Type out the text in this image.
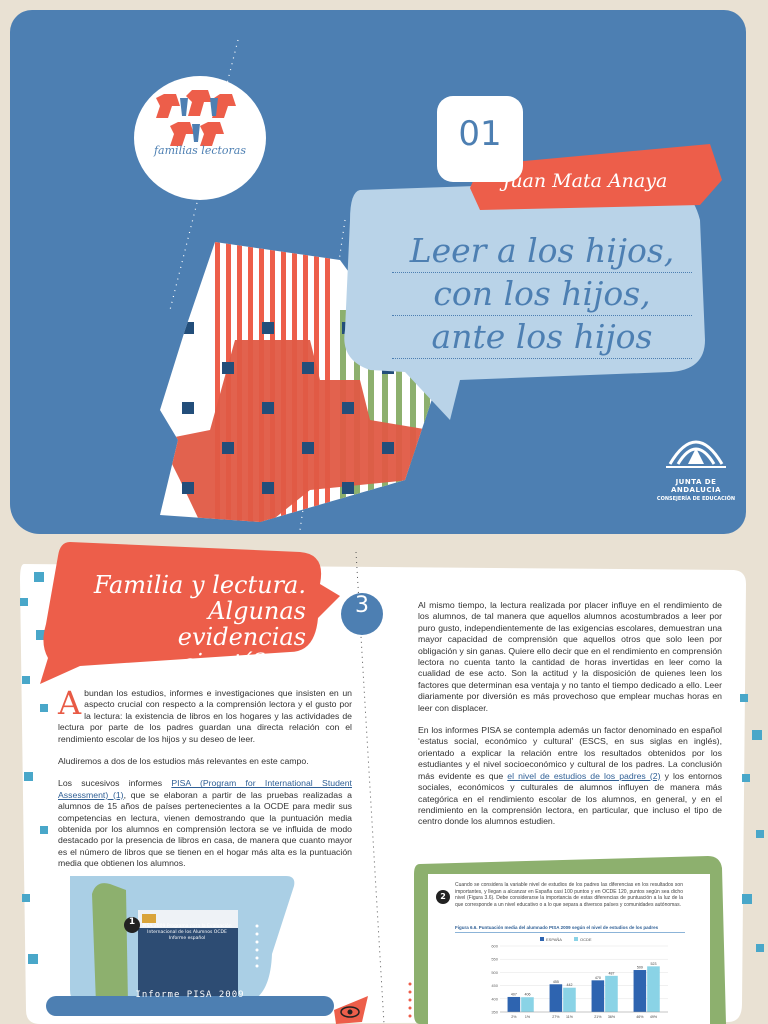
familias lectoras	01
Juan Mata Anaya
Leer a los hijos,
con los hijos,
ante los hijos
JUNTA DE ANDALUCIA
CONSEJERÍA DE EDUCACIÓN
Familia y lectura. Algunas evidencias científicas
3

Abundan los estudios, informes e investigaciones que insisten en un aspecto crucial con respecto a la comprensión lectora y el gusto por la lectura: la existencia de libros en los hogares y las actividades de lectura por parte de los padres guardan una directa relación con el rendimiento escolar de los hijos y su deseo de leer.

Aludiremos a dos de los estudios más relevantes en este campo.

Los sucesivos informes PISA (Program for International Student Assessment) (1), que se elaboran a partir de las pruebas realizadas a alumnos de 15 años de países pertenecientes a la OCDE para medir sus competencias en lectura, vienen demostrando que la puntuación media obtenida por los alumnos en comprensión lectora se ve influida de modo destacado por la presencia de libros en casa, de manera que cuanto mayor es el número de libros que se tienen en el hogar más alta es la puntuación media que obtienen los alumnos.

Al mismo tiempo, la lectura realizada por placer influye en el rendimiento de los alumnos, de tal manera que aquellos alumnos acostumbrados a leer por puro gusto, independientemente de las exigencias escolares, demuestran una mayor capacidad de comprensión que aquellos otros que solo leen por obligación y sin ganas. Quiere ello decir que en el rendimiento en comprensión lectora no cuenta tanto la cantidad de horas invertidas en leer como la cualidad de ese acto. Son la actitud y la disposición de quienes leen los factores que determinan esa ventaja y no tanto el tiempo dedicado a ello. Leer diariamente por diversión es más provechoso que emplear muchas horas en leer con displacer.

En los informes PISA se contempla además un factor denominado en español ‘estatus social, económico y cultural’ (ESCS, en sus siglas en inglés), orientado a explicar la relación entre los resultados obtenidos por los estudiantes y el nivel socioeconómico y cultural de los padres. La conclusión más evidente es que el nivel de estudios de los padres (2) y los entornos sociales, económicos y culturales de alumnos influyen de manera más categórica en el rendimiento escolar de los alumnos, en general, y en el rendimiento en la comprensión lectora, en particular, que incluso el tipo de centro donde los alumnos estudien.

1	PISA 2009 Programa para la Evaluación Internacional de los Alumnos OCDE Informe español
Informe PISA 2009
2
Cuando se considera la variable nivel de estudios de los padres las diferencias en los resultados son importantes, y llegan a alcanzar en España casi 100 puntos y en OCDE 120, puntos según sea dicho nivel (Figura 3.6). Debe considerarse la importancia de estas diferencias de puntuación a la luz de la que corresponde a un nivel educativo o a lo que separa a diversos países y comunidades autónomas.
Figura 6.6. Puntuación media del alumnado PISA 2009 según el nivel de estudios de los padres
ESPAÑA	OCDE
350
400
450
500
550
600
407
2%
406
1%
455
27%
442
11%
470
21%
487
36%
509
46%
523
49%
